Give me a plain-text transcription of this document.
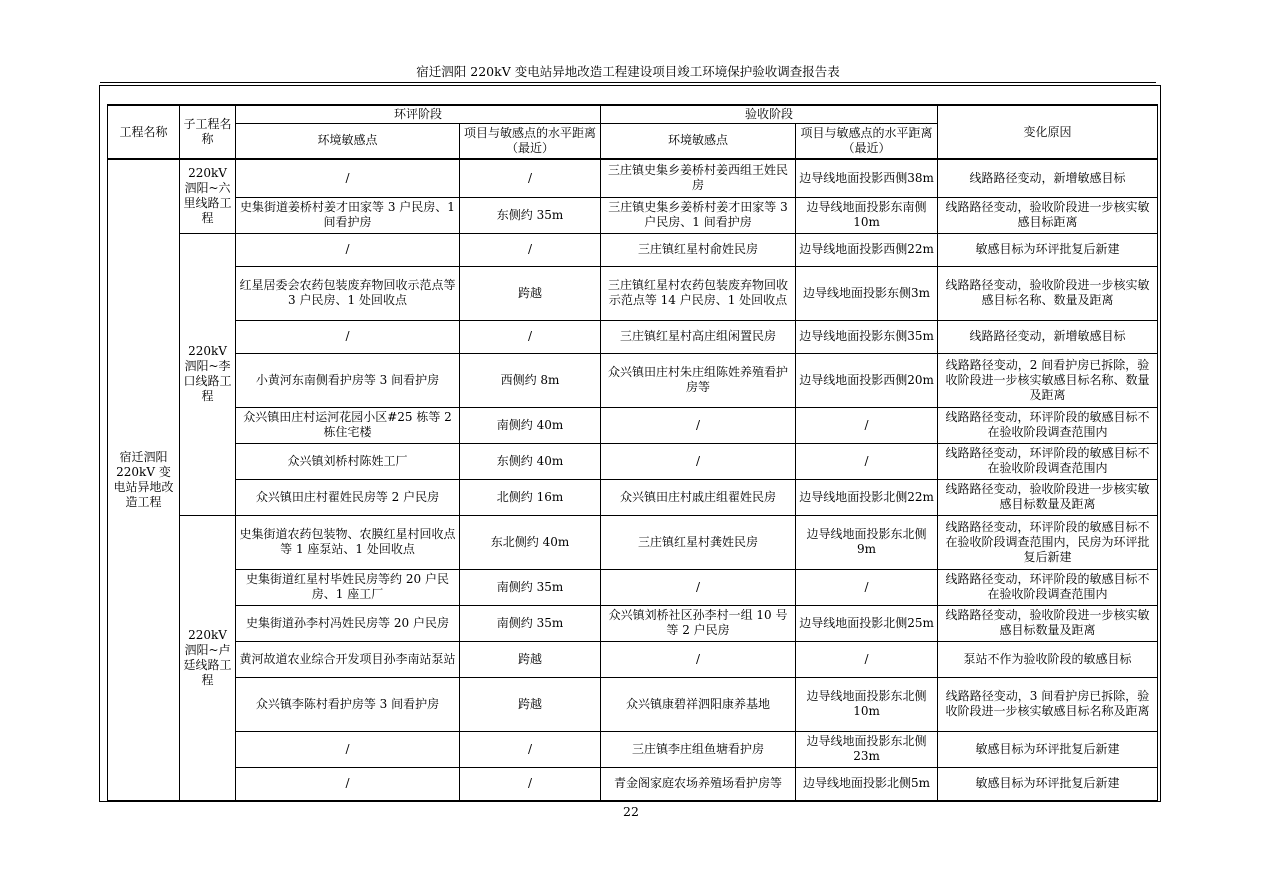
宿迁泗阳 220kV 变电站异地改造工程建设项目竣工环境保护验收调查报告表
工程名称	子工程名称	环评阶段		验收阶段		变化原因
		环境敏感点	项目与敏感点的水平距离（最近）	环境敏感点	项目与敏感点的水平距离（最近）	
宿迁泗阳220kV 变电站异地改造工程	220kV 泗阳~六里线路工程	/	/	三庄镇史集乡姜桥村姜西组王姓民房	边导线地面投影西侧38m	线路路径变动，新增敏感目标
		史集街道姜桥村姜才田家等 3 户民房、1 间看护房	东侧约 35m	三庄镇史集乡姜桥村姜才田家等 3 户民房、1 间看护房	边导线地面投影东南侧 10m	线路路径变动，验收阶段进一步核实敏感目标距离
	220kV 泗阳~李口线路工程	/	/	三庄镇红星村俞姓民房	边导线地面投影西侧22m	敏感目标为环评批复后新建
		红星居委会农药包装废弃物回收示范点等 3 户民房、1 处回收点	跨越	三庄镇红星村农药包装废弃物回收示范点等 14 户民房、1 处回收点	边导线地面投影东侧3m	线路路径变动，验收阶段进一步核实敏感目标名称、数量及距离
		/	/	三庄镇红星村高庄组闲置民房	边导线地面投影东侧35m	线路路径变动，新增敏感目标
		小黄河东南侧看护房等 3 间看护房	西侧约 8m	众兴镇田庄村朱庄组陈姓养殖看护房等	边导线地面投影西侧20m	线路路径变动，2 间看护房已拆除，验收阶段进一步核实敏感目标名称、数量及距离
		众兴镇田庄村运河花园小区#25 栋等 2 栋住宅楼	南侧约 40m	/	/	线路路径变动，环评阶段的敏感目标不在验收阶段调查范围内
		众兴镇刘桥村陈姓工厂	东侧约 40m	/	/	线路路径变动，环评阶段的敏感目标不在验收阶段调查范围内
		众兴镇田庄村翟姓民房等 2 户民房	北侧约 16m	众兴镇田庄村戚庄组翟姓民房	边导线地面投影北侧22m	线路路径变动，验收阶段进一步核实敏感目标数量及距离
	220kV 泗阳~卢廷线路工程	史集街道农药包装物、农膜红星村回收点等 1 座泵站、1 处回收点	东北侧约 40m	三庄镇红星村龚姓民房	边导线地面投影东北侧 9m	线路路径变动，环评阶段的敏感目标不在验收阶段调查范围内，民房为环评批复后新建
		史集街道红星村毕姓民房等约 20 户民房、1 座工厂	南侧约 35m	/	/	线路路径变动，环评阶段的敏感目标不在验收阶段调查范围内
		史集街道孙李村冯姓民房等 20 户民房	南侧约 35m	众兴镇刘桥社区孙李村一组 10 号等 2 户民房	边导线地面投影北侧25m	线路路径变动，验收阶段进一步核实敏感目标数量及距离
		黄河故道农业综合开发项目孙李南站泵站	跨越	/	/	泵站不作为验收阶段的敏感目标
		众兴镇李陈村看护房等 3 间看护房	跨越	众兴镇康碧祥泗阳康养基地	边导线地面投影东北侧 10m	线路路径变动，3 间看护房已拆除，验收阶段进一步核实敏感目标名称及距离
		/	/	三庄镇李庄组鱼塘看护房	边导线地面投影东北侧 23m	敏感目标为环评批复后新建
		/	/	青金阁家庭农场养殖场看护房等	边导线地面投影北侧5m	敏感目标为环评批复后新建
22
